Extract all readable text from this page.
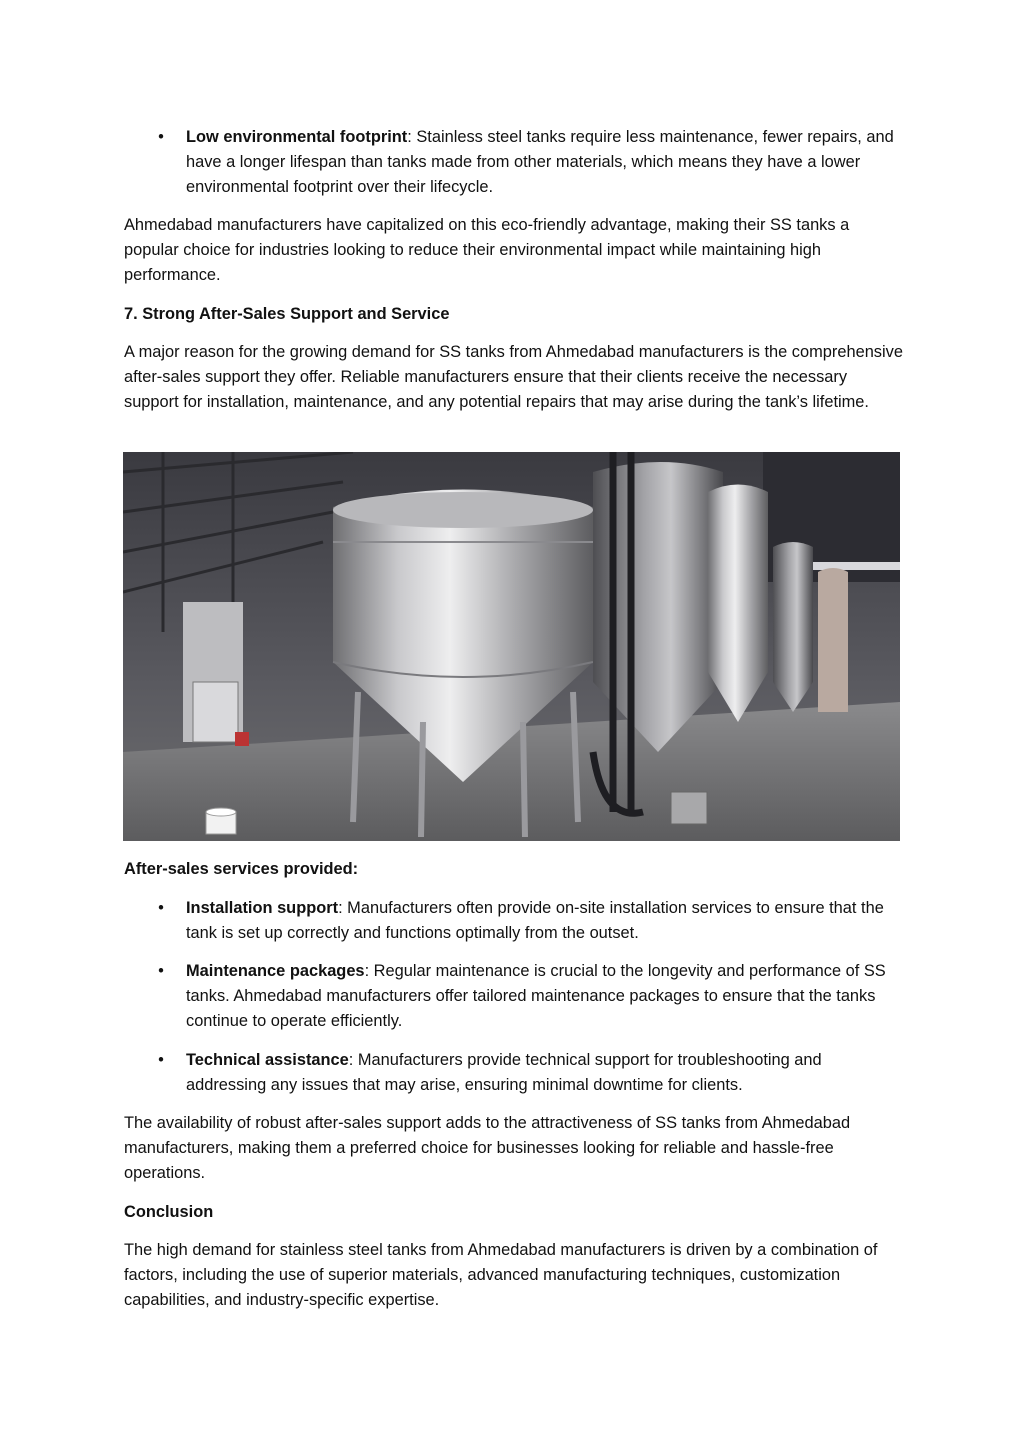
• Low environmental footprint: Stainless steel tanks require less maintenance, fewer repairs, and have a longer lifespan than tanks made from other materials, which means they have a lower environmental footprint over their lifecycle.

Ahmedabad manufacturers have capitalized on this eco-friendly advantage, making their SS tanks a popular choice for industries looking to reduce their environmental impact while maintaining high performance.

7. Strong After-Sales Support and Service

A major reason for the growing demand for SS tanks from Ahmedabad manufacturers is the comprehensive after-sales support they offer. Reliable manufacturers ensure that their clients receive the necessary support for installation, maintenance, and any potential repairs that may arise during the tank’s lifetime.

After-sales services provided:

• Installation support: Manufacturers often provide on-site installation services to ensure that the tank is set up correctly and functions optimally from the outset.
• Maintenance packages: Regular maintenance is crucial to the longevity and performance of SS tanks. Ahmedabad manufacturers offer tailored maintenance packages to ensure that the tanks continue to operate efficiently.
• Technical assistance: Manufacturers provide technical support for troubleshooting and addressing any issues that may arise, ensuring minimal downtime for clients.

The availability of robust after-sales support adds to the attractiveness of SS tanks from Ahmedabad manufacturers, making them a preferred choice for businesses looking for reliable and hassle-free operations.

Conclusion

The high demand for stainless steel tanks from Ahmedabad manufacturers is driven by a combination of factors, including the use of superior materials, advanced manufacturing techniques, customization capabilities, and industry-specific expertise.
